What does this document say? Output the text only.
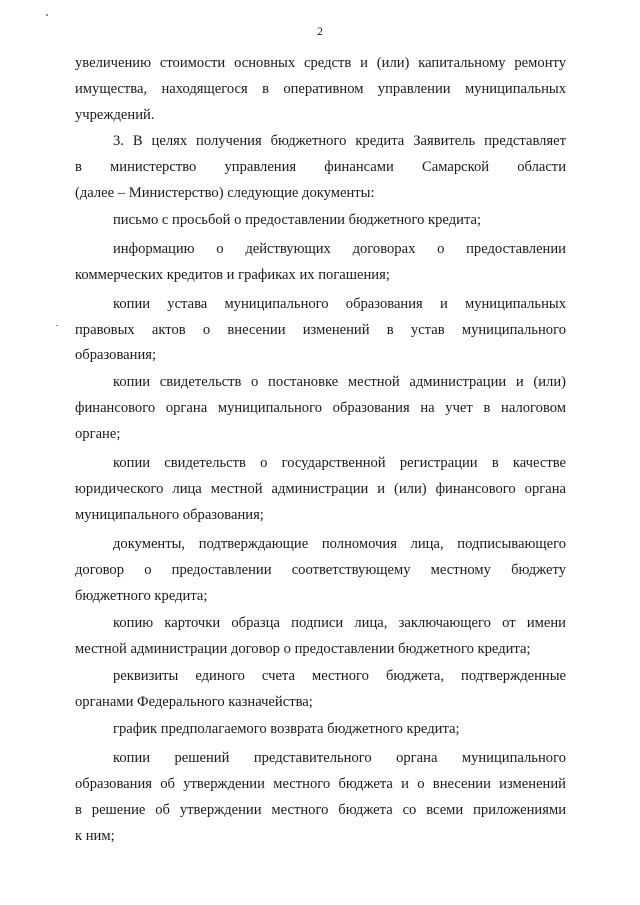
2
увеличению стоимости основных средств и (или) капитальному ремонту
имущества, находящегося в оперативном управлении муниципальных
учреждений.
3. В целях получения бюджетного кредита Заявитель представляет
в министерство управления финансами Самарской области
(далее – Министерство) следующие документы:
письмо с просьбой о предоставлении бюджетного кредита;
информацию о действующих договорах о предоставлении
коммерческих кредитов и графиках их погашения;
копии устава муниципального образования и муниципальных
правовых актов о внесении изменений в устав муниципального
образования;
копии свидетельств о постановке местной администрации и (или)
финансового органа муниципального образования на учет в налоговом
органе;
копии свидетельств о государственной регистрации в качестве
юридического лица местной администрации и (или) финансового органа
муниципального образования;
документы, подтверждающие полномочия лица, подписывающего
договор о предоставлении соответствующему местному бюджету
бюджетного кредита;
копию карточки образца подписи лица, заключающего от имени
местной администрации договор о предоставлении бюджетного кредита;
реквизиты единого счета местного бюджета, подтвержденные
органами Федерального казначейства;
график предполагаемого возврата бюджетного кредита;
копии решений представительного органа муниципального
образования об утверждении местного бюджета и о внесении изменений
в решение об утверждении местного бюджета со всеми приложениями
к ним;
